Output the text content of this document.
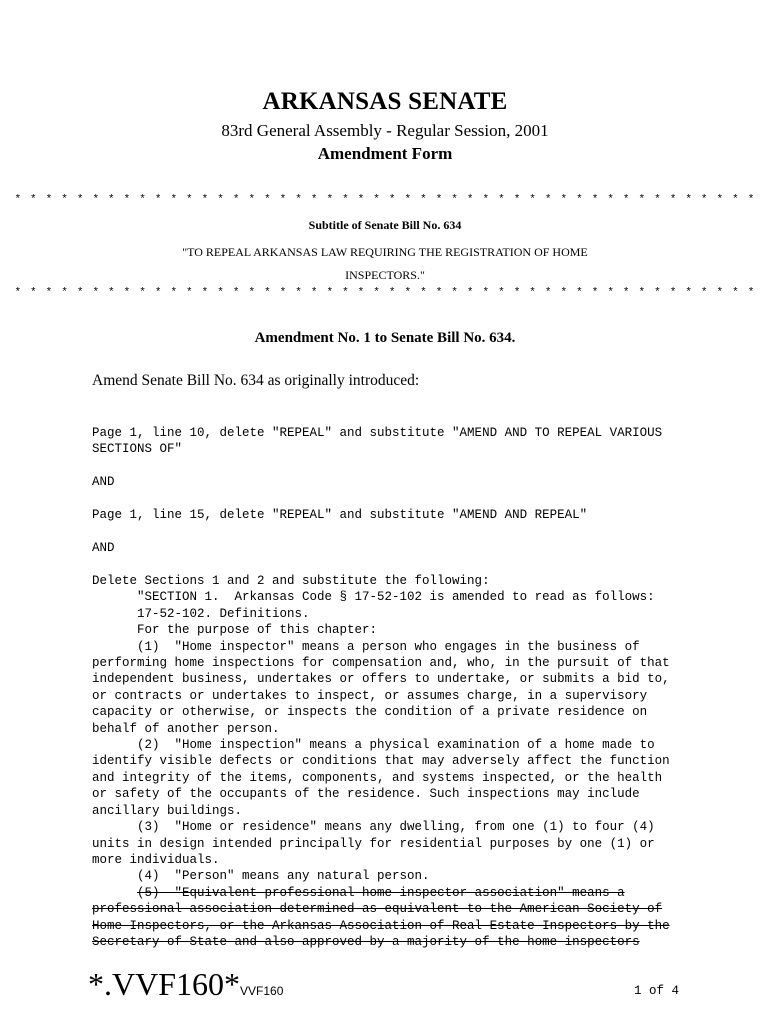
ARKANSAS SENATE
83rd General Assembly - Regular Session, 2001
Amendment Form
* * * * * * * * * * * * * * * * * * * * * * * * * * * * * * * * * * * * * * * * * * * * * * * *
Subtitle of Senate Bill No. 634
"TO REPEAL ARKANSAS LAW REQUIRING THE REGISTRATION OF HOME
INSPECTORS."
* * * * * * * * * * * * * * * * * * * * * * * * * * * * * * * * * * * * * * * * * * * * * * * *
Amendment No. 1 to Senate Bill No. 634.
Amend Senate Bill No. 634 as originally introduced:
Page 1, line 10, delete "REPEAL" and substitute "AMEND AND TO REPEAL VARIOUS
SECTIONS OF"
AND
Page 1, line 15, delete "REPEAL" and substitute "AMEND AND REPEAL"
AND
Delete Sections 1 and 2 and substitute the following:
"SECTION 1.  Arkansas Code § 17-52-102 is amended to read as follows:
17-52-102. Definitions.
For the purpose of this chapter:
(1)  "Home inspector" means a person who engages in the business of
performing home inspections for compensation and, who, in the pursuit of that
independent business, undertakes or offers to undertake, or submits a bid to,
or contracts or undertakes to inspect, or assumes charge, in a supervisory
capacity or otherwise, or inspects the condition of a private residence on
behalf of another person.
(2)  "Home inspection" means a physical examination of a home made to
identify visible defects or conditions that may adversely affect the function
and integrity of the items, components, and systems inspected, or the health
or safety of the occupants of the residence. Such inspections may include
ancillary buildings.
(3)  "Home or residence" means any dwelling, from one (1) to four (4)
units in design intended principally for residential purposes by one (1) or
more individuals.
(4)  "Person" means any natural person.
(5)  "Equivalent professional home inspector association" means a
professional association determined as equivalent to the American Society of
Home Inspectors, or the Arkansas Association of Real Estate Inspectors by the
Secretary of State and also approved by a majority of the home inspectors
*.VVF160*VVF160	1 of 4
